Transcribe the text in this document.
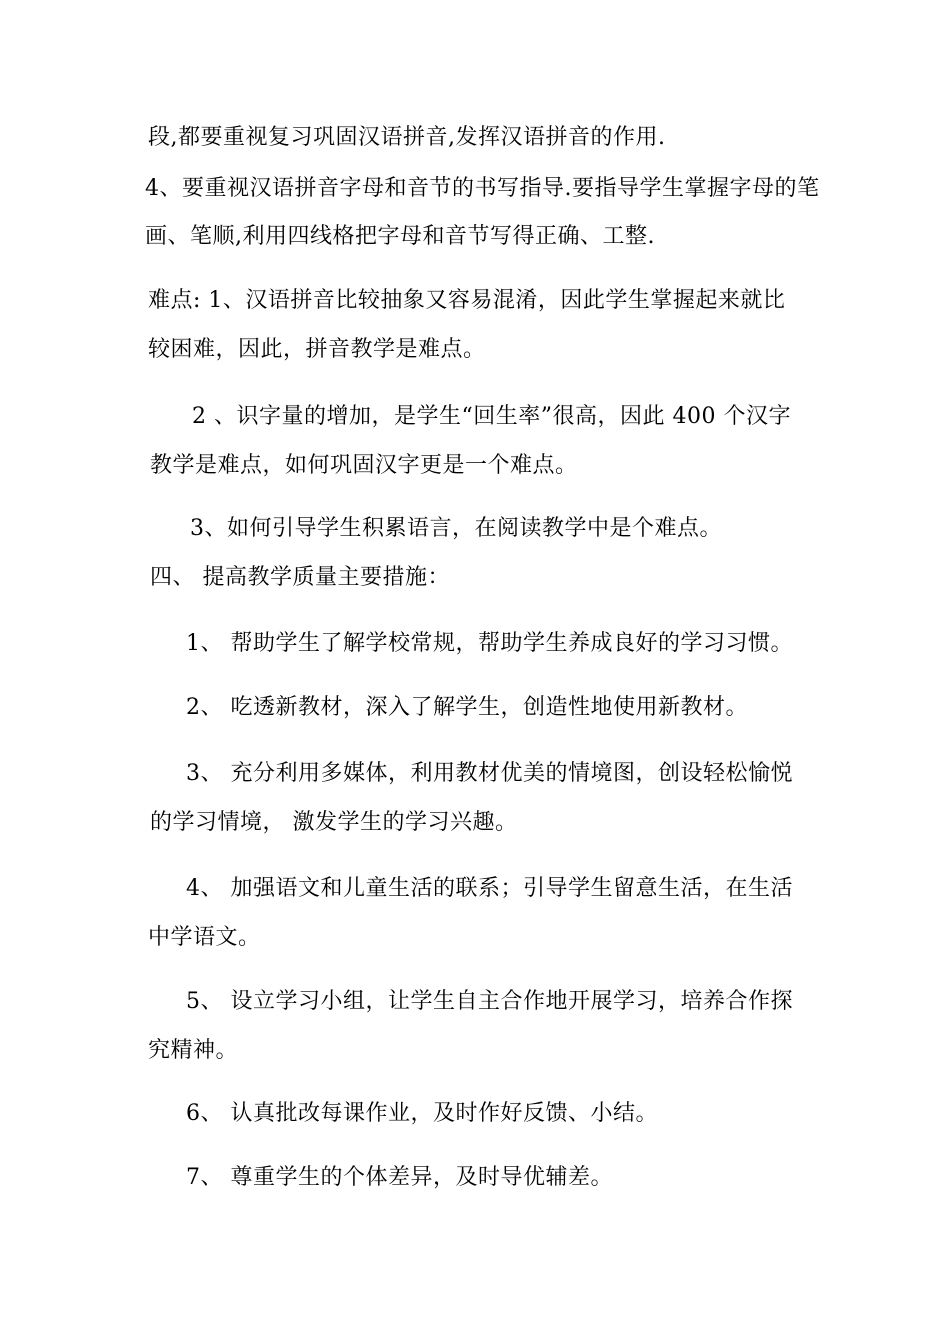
段,都要重视复习巩固汉语拼音,发挥汉语拼音的作用.

4、要重视汉语拼音字母和音节的书写指导.要指导学生掌握字母的笔

画、笔顺,利用四线格把字母和音节写得正确、工整.

难点: 1、汉语拼音比较抽象又容易混淆，因此学生掌握起来就比

较困难，因此，拼音教学是难点。

2 、识字量的增加，是学生“回生率”很高，因此 400 个汉字

教学是难点，如何巩固汉字更是一个难点。

3、如何引导学生积累语言，在阅读教学中是个难点。

四、 提高教学质量主要措施：

1、 帮助学生了解学校常规，帮助学生养成良好的学习习惯。

2、 吃透新教材，深入了解学生，创造性地使用新教材。

3、 充分利用多媒体，利用教材优美的情境图，创设轻松愉悦

的学习情境， 激发学生的学习兴趣。

4、 加强语文和儿童生活的联系；引导学生留意生活，在生活

中学语文。

5、 设立学习小组，让学生自主合作地开展学习，培养合作探

究精神。

6、 认真批改每课作业，及时作好反馈、小结。

7、 尊重学生的个体差异，及时导优辅差。
